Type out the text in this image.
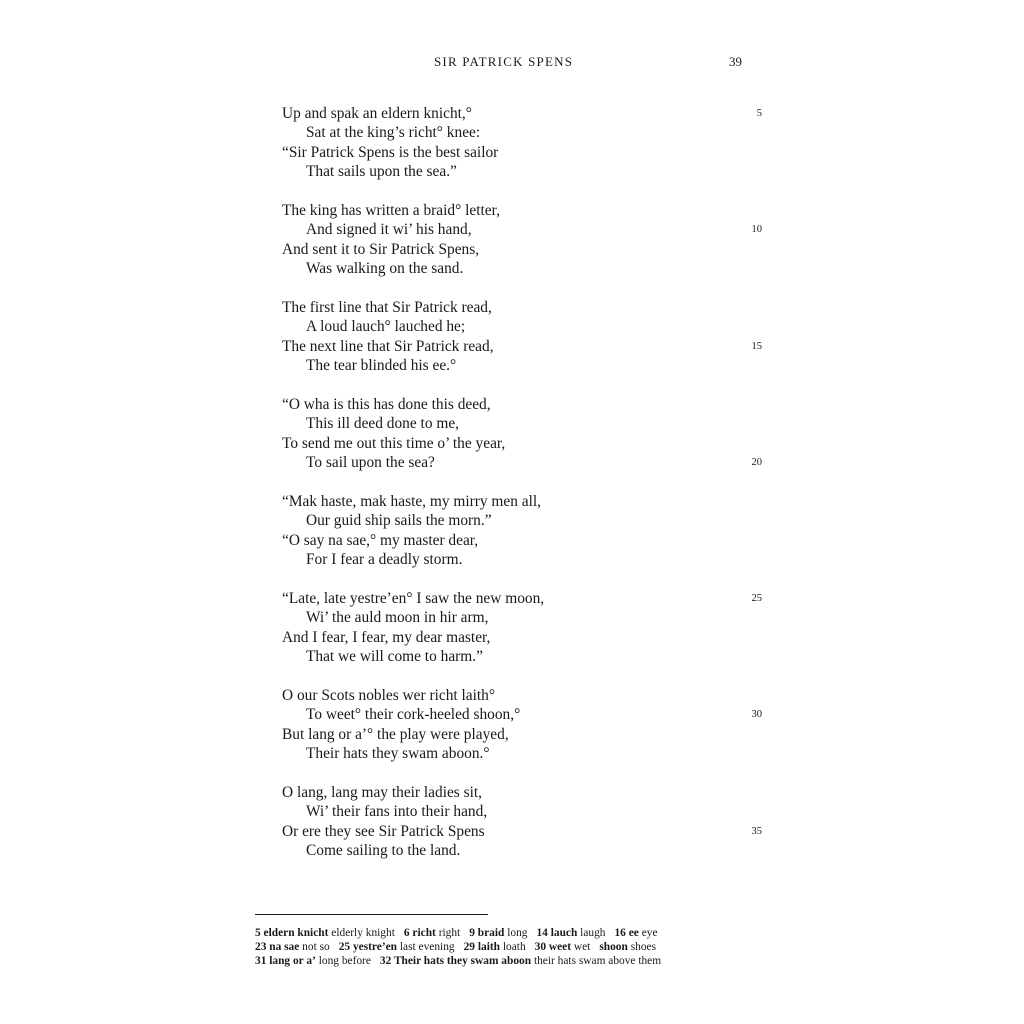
SIR PATRICK SPENS	39
Up and spak an eldern knicht,°	5
Sat at the king’s richt° knee:
“Sir Patrick Spens is the best sailor
That sails upon the sea.”
The king has written a braid° letter,
And signed it wi’ his hand,	10
And sent it to Sir Patrick Spens,
Was walking on the sand.
The first line that Sir Patrick read,
A loud lauch° lauched he;
The next line that Sir Patrick read,	15
The tear blinded his ee.°
“O wha is this has done this deed,
This ill deed done to me,
To send me out this time o’ the year,
To sail upon the sea?	20
“Mak haste, mak haste, my mirry men all,
Our guid ship sails the morn.”
“O say na sae,° my master dear,
For I fear a deadly storm.
“Late, late yestre’en° I saw the new moon,	25
Wi’ the auld moon in hir arm,
And I fear, I fear, my dear master,
That we will come to harm.”
O our Scots nobles wer richt laith°
To weet° their cork-heeled shoon,°	30
But lang or a’° the play were played,
Their hats they swam aboon.°
O lang, lang may their ladies sit,
Wi’ their fans into their hand,
Or ere they see Sir Patrick Spens	35
Come sailing to the land.
5 eldern knicht elderly knight 6 richt right 9 braid long 14 lauch laugh 16 ee eye
23 na sae not so 25 yestre’en last evening 29 laith loath 30 weet wet shoon shoes
31 lang or a’ long before 32 Their hats they swam aboon their hats swam above them
